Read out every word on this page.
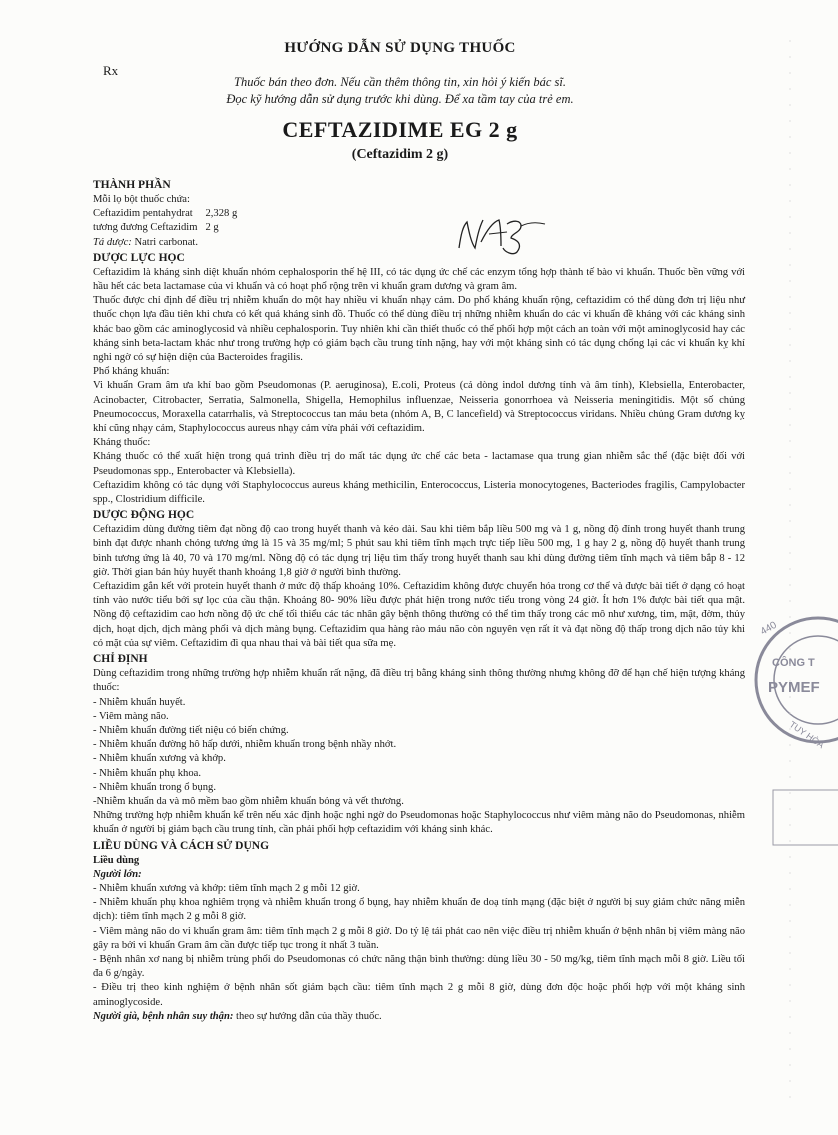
Rx
HƯỚNG DẪN SỬ DỤNG THUỐC
Thuốc bán theo đơn. Nếu cần thêm thông tin, xin hỏi ý kiến bác sĩ.
Đọc kỹ hướng dẫn sử dụng trước khi dùng. Để xa tầm tay của trẻ em.
CEFTAZIDIME EG 2 g
(Ceftazidim 2 g)

THÀNH PHẦN

Mỗi lọ bột thuốc chứa:

Ceftazidim pentahydrat	2,328 g
tương đương Ceftazidim	2 g

Tá dược: Natri carbonat.

DƯỢC LỰC HỌC

Ceftazidim là kháng sinh diệt khuẩn nhóm cephalosporin thế hệ III, có tác dụng ức chế các enzym tổng hợp thành tế bào vi khuẩn. Thuốc bền vững với hầu hết các beta lactamase của vi khuẩn và có hoạt phổ rộng trên vi khuẩn gram dương và gram âm.

Thuốc được chỉ định để điều trị nhiễm khuẩn do một hay nhiều vi khuẩn nhạy cảm. Do phổ kháng khuẩn rộng, ceftazidim có thể dùng đơn trị liệu như thuốc chọn lựa đầu tiên khi chưa có kết quả kháng sinh đồ. Thuốc có thể dùng điều trị những nhiễm khuẩn do các vi khuẩn đề kháng với các kháng sinh khác bao gồm các aminoglycosid và nhiều cephalosporin. Tuy nhiên khi cần thiết thuốc có thể phối hợp một cách an toàn với một aminoglycosid hay các kháng sinh beta-lactam khác như trong trường hợp có giảm bạch cầu trung tính nặng, hay với một kháng sinh có tác dụng chống lại các vi khuẩn kỵ khí nghi ngờ có sự hiện diện của Bacteroides fragilis.

Phổ kháng khuẩn:

Vi khuẩn Gram âm ưa khí bao gồm Pseudomonas (P. aeruginosa), E.coli, Proteus (cả dòng indol dương tính và âm tính), Klebsiella, Enterobacter, Acinobacter, Citrobacter, Serratia, Salmonella, Shigella, Hemophilus influenzae, Neisseria gonorrhoea và Neisseria meningitidis. Một số chủng Pneumococcus, Moraxella catarrhalis, và Streptococcus tan máu beta (nhóm A, B, C lancefield) và Streptococcus viridans. Nhiều chủng Gram dương kỵ khí cũng nhạy cảm, Staphylococcus aureus nhạy cảm vừa phải với ceftazidim.

Kháng thuốc:

Kháng thuốc có thể xuất hiện trong quá trình điều trị do mất tác dụng ức chế các beta - lactamase qua trung gian nhiễm sắc thể (đặc biệt đối với Pseudomonas spp., Enterobacter và Klebsiella).

Ceftazidim không có tác dụng với Staphylococcus aureus kháng methicilin, Enterococcus, Listeria monocytogenes, Bacteriodes fragilis, Campylobacter spp., Clostridium difficile.

DƯỢC ĐỘNG HỌC

Ceftazidim dùng đường tiêm đạt nồng độ cao trong huyết thanh và kéo dài. Sau khi tiêm bắp liều 500 mg và 1 g, nồng độ đỉnh trong huyết thanh trung bình đạt được nhanh chóng tương ứng là 15 và 35 mg/ml; 5 phút sau khi tiêm tĩnh mạch trực tiếp liều 500 mg, 1 g hay 2 g, nồng độ huyết thanh trung bình tương ứng là 40, 70 và 170 mg/ml. Nồng độ có tác dụng trị liệu tìm thấy trong huyết thanh sau khi dùng đường tiêm tĩnh mạch và tiêm bắp 8 - 12 giờ. Thời gian bán hủy huyết thanh khoảng 1,8 giờ ở người bình thường.

Ceftazidim gắn kết với protein huyết thanh ở mức độ thấp khoảng 10%. Ceftazidim không được chuyển hóa trong cơ thể và được bài tiết ở dạng có hoạt tính vào nước tiểu bởi sự lọc của cầu thận. Khoảng 80- 90% liều được phát hiện trong nước tiểu trong vòng 24 giờ. Ít hơn 1% được bài tiết qua mật. Nồng độ ceftazidim cao hơn nồng độ ức chế tối thiểu các tác nhân gây bệnh thông thường có thể tìm thấy trong các mô như xương, tim, mật, đờm, thủy dịch, hoạt dịch, dịch màng phổi và dịch màng bụng. Ceftazidim qua hàng rào máu não còn nguyên vẹn rất ít và đạt nồng độ thấp trong dịch não tủy khi có mặt của sự viêm. Ceftazidim đi qua nhau thai và bài tiết qua sữa mẹ.

CHỈ ĐỊNH

Dùng ceftazidim trong những trường hợp nhiễm khuẩn rất nặng, đã điều trị bằng kháng sinh thông thường nhưng không đỡ để hạn chế hiện tượng kháng thuốc:

- Nhiễm khuẩn huyết.

- Viêm màng não.

- Nhiễm khuẩn đường tiết niệu có biến chứng.

- Nhiễm khuẩn đường hô hấp dưới, nhiễm khuẩn trong bệnh nhầy nhớt.

- Nhiễm khuẩn xương và khớp.

- Nhiễm khuẩn phụ khoa.

- Nhiễm khuẩn trong ổ bụng.

-Nhiễm khuẩn da và mô mềm bao gồm nhiễm khuẩn bỏng và vết thương.

Những trường hợp nhiễm khuẩn kể trên nếu xác định hoặc nghi ngờ do Pseudomonas hoặc Staphylococcus như viêm màng não do Pseudomonas, nhiễm khuẩn ở người bị giảm bạch cầu trung tính, cần phải phối hợp ceftazidim với kháng sinh khác.

LIỀU DÙNG VÀ CÁCH SỬ DỤNG

Liều dùng

Người lớn:

- Nhiễm khuẩn xương và khớp: tiêm tĩnh mạch 2 g mỗi 12 giờ.

- Nhiễm khuẩn phụ khoa nghiêm trọng và nhiễm khuẩn trong ổ bụng, hay nhiễm khuẩn đe doạ tính mạng (đặc biệt ở người bị suy giảm chức năng miễn dịch): tiêm tĩnh mạch 2 g mỗi 8 giờ.

- Viêm màng não do vi khuẩn gram âm: tiêm tĩnh mạch 2 g mỗi 8 giờ. Do tỷ lệ tái phát cao nên việc điều trị nhiễm khuẩn ở bệnh nhân bị viêm màng não gây ra bởi vi khuẩn Gram âm cần được tiếp tục trong ít nhất 3 tuần.

- Bệnh nhân xơ nang bị nhiễm trùng phổi do Pseudomonas có chức năng thận bình thường: dùng liều 30 - 50 mg/kg, tiêm tĩnh mạch mỗi 8 giờ. Liều tối đa 6 g/ngày.

- Điều trị theo kinh nghiệm ở bệnh nhân sốt giảm bạch cầu: tiêm tĩnh mạch 2 g mỗi 8 giờ, dùng đơn độc hoặc phối hợp với một kháng sinh aminoglycoside.

Người già, bệnh nhân suy thận: theo sự hướng dẫn của thầy thuốc.

440
CÔNG T
PYMEF
TUY HÒA
